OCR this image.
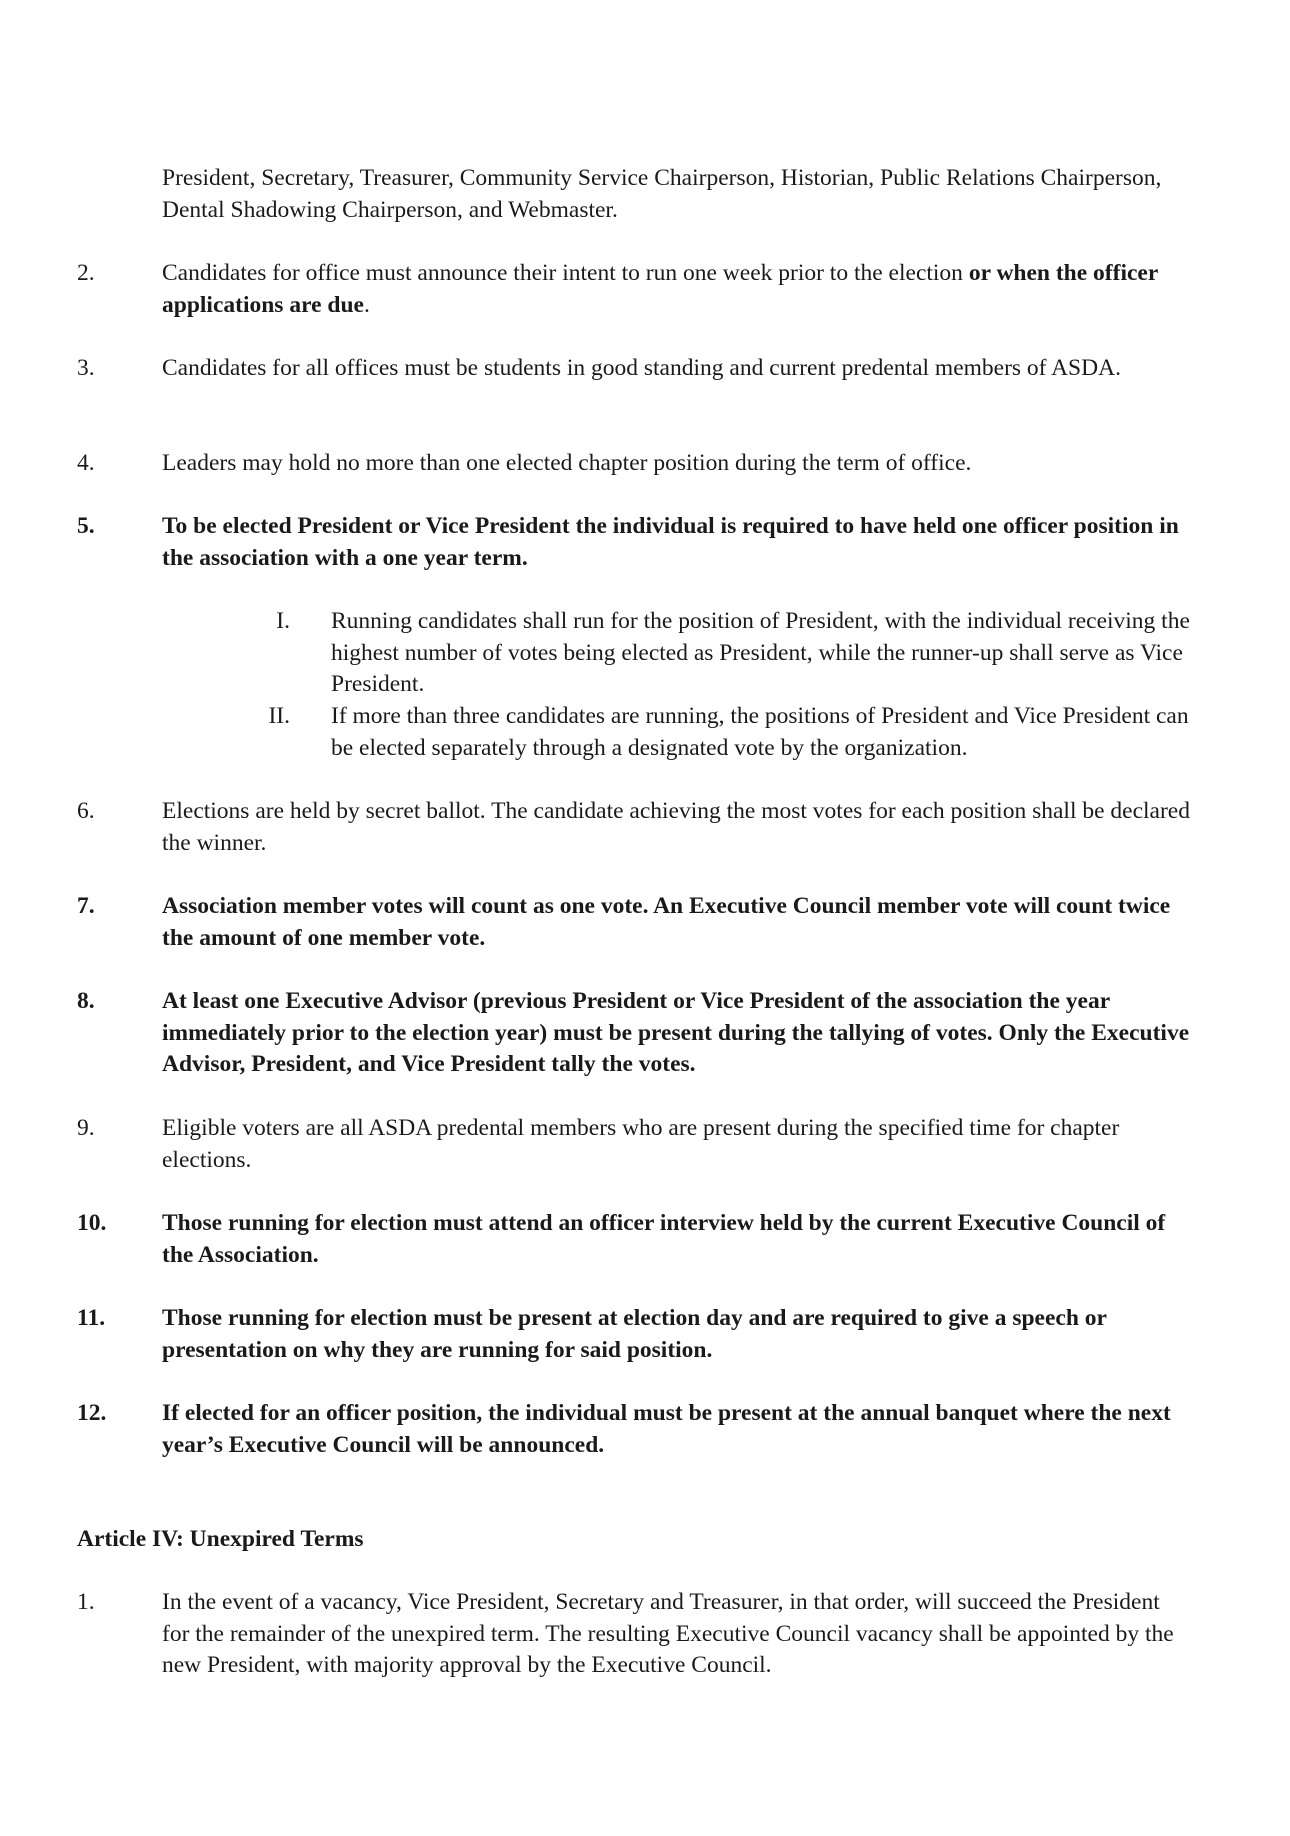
President, Secretary, Treasurer, Community Service Chairperson, Historian, Public Relations Chairperson, Dental Shadowing Chairperson, and Webmaster.
2.	Candidates for office must announce their intent to run one week prior to the election or when the officer applications are due.
3.	Candidates for all offices must be students in good standing and current predental members of ASDA.
4.	Leaders may hold no more than one elected chapter position during the term of office.
5.	To be elected President or Vice President the individual is required to have held one officer position in the association with a one year term.
I. Running candidates shall run for the position of President, with the individual receiving the highest number of votes being elected as President, while the runner-up shall serve as Vice President.
II. If more than three candidates are running, the positions of President and Vice President can be elected separately through a designated vote by the organization.
6.	Elections are held by secret ballot. The candidate achieving the most votes for each position shall be declared the winner.
7.	Association member votes will count as one vote. An Executive Council member vote will count twice the amount of one member vote.
8.	At least one Executive Advisor (previous President or Vice President of the association the year immediately prior to the election year) must be present during the tallying of votes. Only the Executive Advisor, President, and Vice President tally the votes.
9.	Eligible voters are all ASDA predental members who are present during the specified time for chapter elections.
10. Those running for election must attend an officer interview held by the current Executive Council of the Association.
11. Those running for election must be present at election day and are required to give a speech or presentation on why they are running for said position.
12. If elected for an officer position, the individual must be present at the annual banquet where the next year’s Executive Council will be announced.
Article IV: Unexpired Terms
1.	In the event of a vacancy, Vice President, Secretary and Treasurer, in that order, will succeed the President for the remainder of the unexpired term. The resulting Executive Council vacancy shall be appointed by the new President, with majority approval by the Executive Council.
